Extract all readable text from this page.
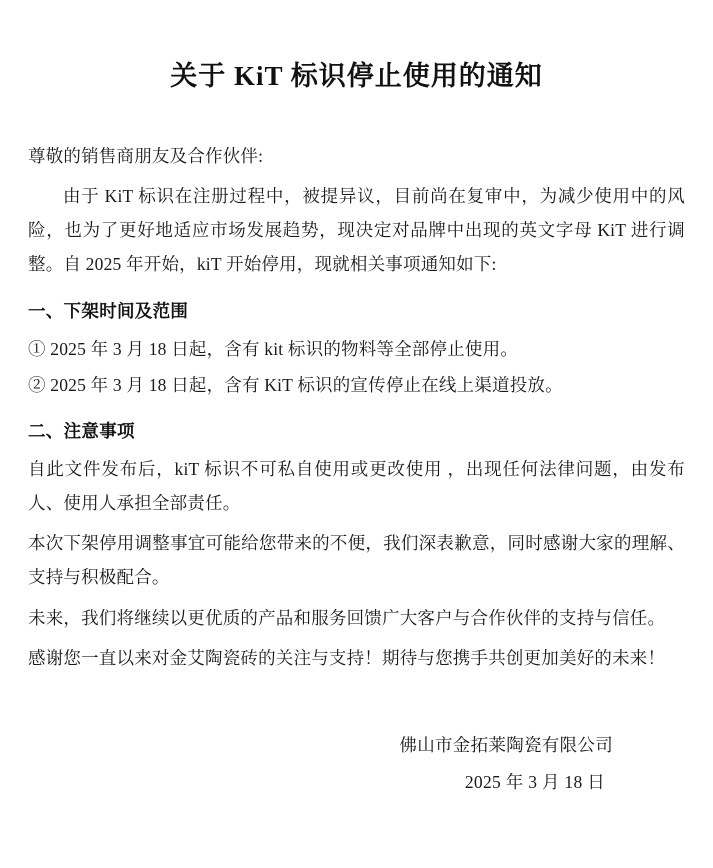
关于 KiT 标识停止使用的通知

尊敬的销售商朋友及合作伙伴:

由于 KiT 标识在注册过程中，被提异议，目前尚在复审中，为减少使用中的风险，也为了更好地适应市场发展趋势，现决定对品牌中出现的英文字母 KiT 进行调整。自 2025 年开始，kiT 开始停用，现就相关事项通知如下:

一、下架时间及范围
① 2025 年 3 月 18 日起，含有 kit 标识的物料等全部停止使用。
② 2025 年 3 月 18 日起，含有 KiT 标识的宣传停止在线上渠道投放。
二、注意事项

自此文件发布后，kiT 标识不可私自使用或更改使用 ，出现任何法律问题，由发布人、使用人承担全部责任。

本次下架停用调整事宜可能给您带来的不便，我们深表歉意，同时感谢大家的理解、支持与积极配合。

未来，我们将继续以更优质的产品和服务回馈广大客户与合作伙伴的支持与信任。

感谢您一直以来对金艾陶瓷砖的关注与支持！期待与您携手共创更加美好的未来！

佛山市金拓莱陶瓷有限公司
2025 年 3 月 18 日
